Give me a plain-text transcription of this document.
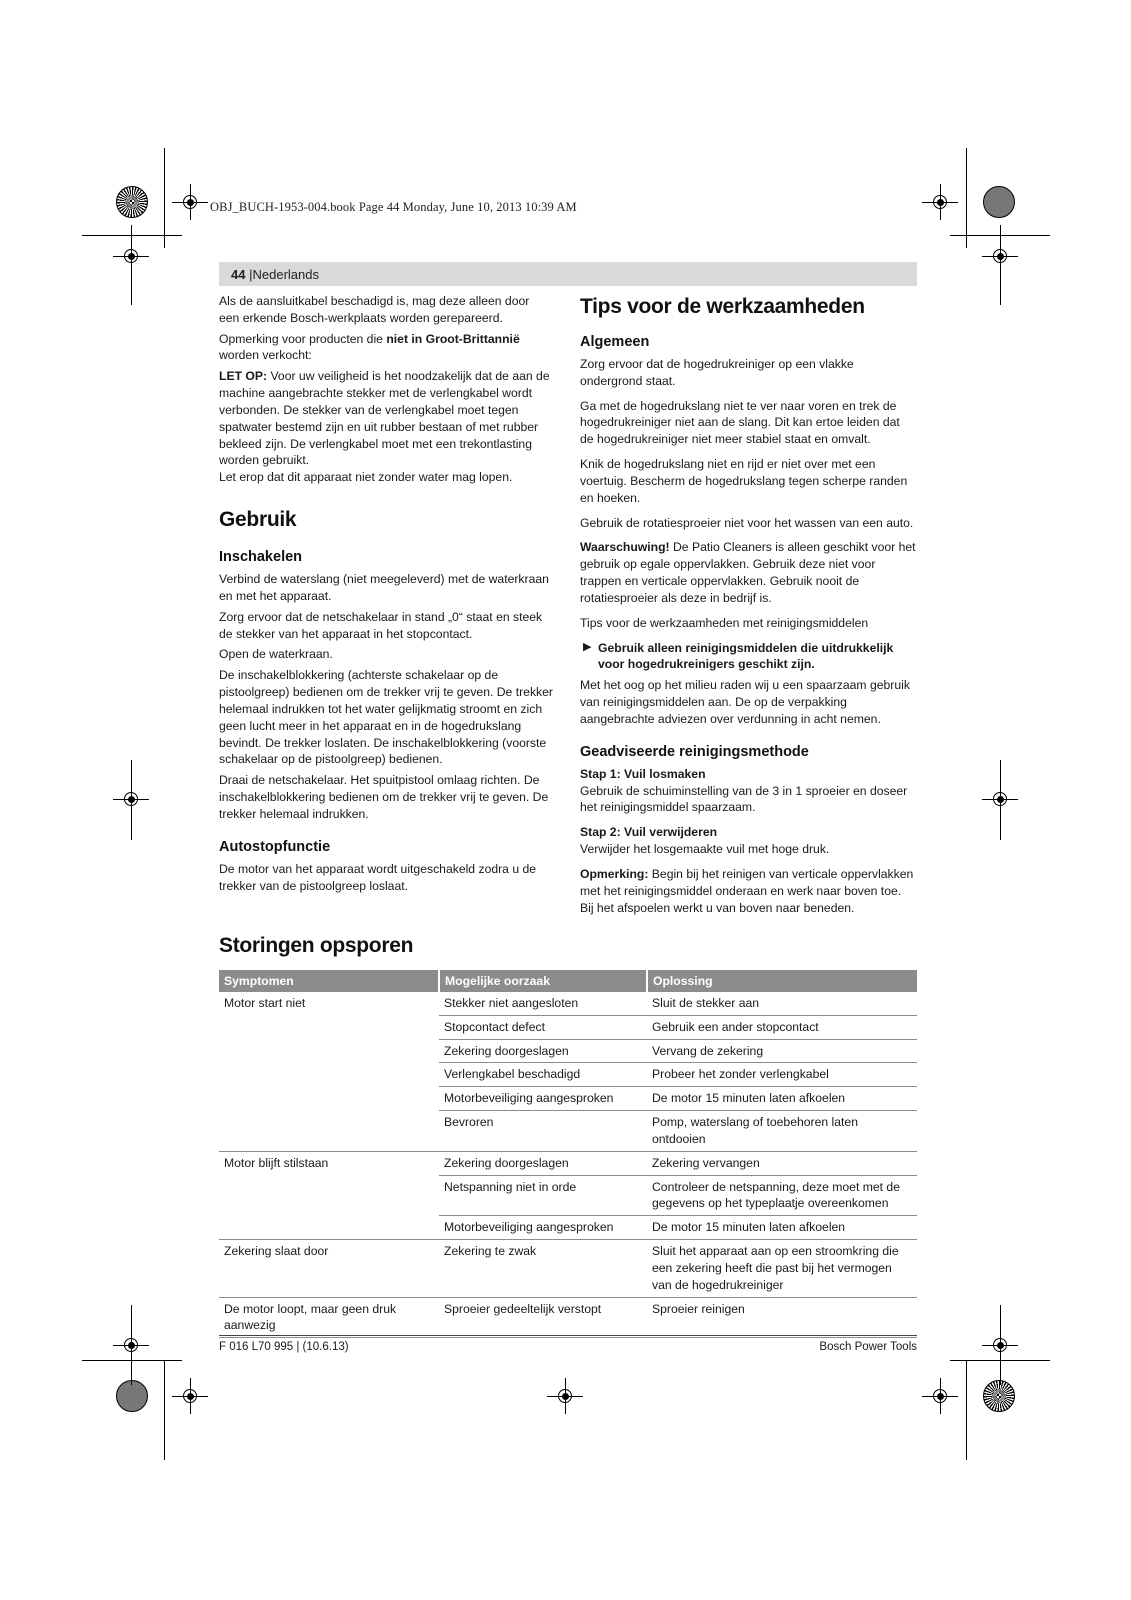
OBJ_BUCH-1953-004.book Page 44 Monday, June 10, 2013 10:39 AM
44 |Nederlands

Als de aansluitkabel beschadigd is, mag deze alleen door een erkende Bosch-werkplaats worden gerepareerd.

Opmerking voor producten die niet in Groot-Brittannië worden verkocht:

LET OP: Voor uw veiligheid is het noodzakelijk dat de aan de machine aangebrachte stekker met de verlengkabel wordt verbonden. De stekker van de verlengkabel moet tegen spatwater bestemd zijn en uit rubber bestaan of met rubber bekleed zijn. De verlengkabel moet met een trekontlasting worden gebruikt.

Let erop dat dit apparaat niet zonder water mag lopen.

Gebruik
Inschakelen

Verbind de waterslang (niet meegeleverd) met de waterkraan en met het apparaat.

Zorg ervoor dat de netschakelaar in stand „0“ staat en steek de stekker van het apparaat in het stopcontact.

Open de waterkraan.

De inschakelblokkering (achterste schakelaar op de pistoolgreep) bedienen om de trekker vrij te geven. De trekker helemaal indrukken tot het water gelijkmatig stroomt en zich geen lucht meer in het apparaat en in de hogedrukslang bevindt. De trekker loslaten. De inschakelblokkering (voorste schakelaar op de pistoolgreep) bedienen.

Draai de netschakelaar. Het spuitpistool omlaag richten. De inschakelblokkering bedienen om de trekker vrij te geven. De trekker helemaal indrukken.

Autostopfunctie

De motor van het apparaat wordt uitgeschakeld zodra u de trekker van de pistoolgreep loslaat.

Tips voor de werkzaamheden
Algemeen

Zorg ervoor dat de hogedrukreiniger op een vlakke ondergrond staat.

Ga met de hogedrukslang niet te ver naar voren en trek de hogedrukreiniger niet aan de slang. Dit kan ertoe leiden dat de hogedrukreiniger niet meer stabiel staat en omvalt.

Knik de hogedrukslang niet en rijd er niet over met een voertuig. Bescherm de hogedrukslang tegen scherpe randen en hoeken.

Gebruik de rotatiesproeier niet voor het wassen van een auto.

Waarschuwing! De Patio Cleaners is alleen geschikt voor het gebruik op egale oppervlakken. Gebruik deze niet voor trappen en verticale oppervlakken. Gebruik nooit de rotatiesproeier als deze in bedrijf is.

Tips voor de werkzaamheden met reinigingsmiddelen

▶ Gebruik alleen reinigingsmiddelen die uitdrukkelijk voor hogedrukreinigers geschikt zijn.

Met het oog op het milieu raden wij u een spaarzaam gebruik van reinigingsmiddelen aan. De op de verpakking aangebrachte adviezen over verdunning in acht nemen.

Geadviseerde reinigingsmethode

Stap 1: Vuil losmaken

Gebruik de schuiminstelling van de 3 in 1 sproeier en doseer het reinigingsmiddel spaarzaam.

Stap 2: Vuil verwijderen

Verwijder het losgemaakte vuil met hoge druk.

Opmerking: Begin bij het reinigen van verticale oppervlakken met het reinigingsmiddel onderaan en werk naar boven toe. Bij het afspoelen werkt u van boven naar beneden.

Storingen opsporen
Symptomen	Mogelijke oorzaak	Oplossing
Motor start niet	Stekker niet aangesloten	Sluit de stekker aan
	Stopcontact defect	Gebruik een ander stopcontact
	Zekering doorgeslagen	Vervang de zekering
	Verlengkabel beschadigd	Probeer het zonder verlengkabel
	Motorbeveiliging aangesproken	De motor 15 minuten laten afkoelen
	Bevroren	Pomp, waterslang of toebehoren laten ontdooien
Motor blijft stilstaan	Zekering doorgeslagen	Zekering vervangen
	Netspanning niet in orde	Controleer de netspanning, deze moet met de gegevens op het typeplaatje overeenkomen
	Motorbeveiliging aangesproken	De motor 15 minuten laten afkoelen
Zekering slaat door	Zekering te zwak	Sluit het apparaat aan op een stroomkring die een zekering heeft die past bij het vermogen van de hogedrukreiniger
De motor loopt, maar geen druk aanwezig	Sproeier gedeeltelijk verstopt	Sproeier reinigen
F 016 L70 995 | (10.6.13)	Bosch Power Tools
